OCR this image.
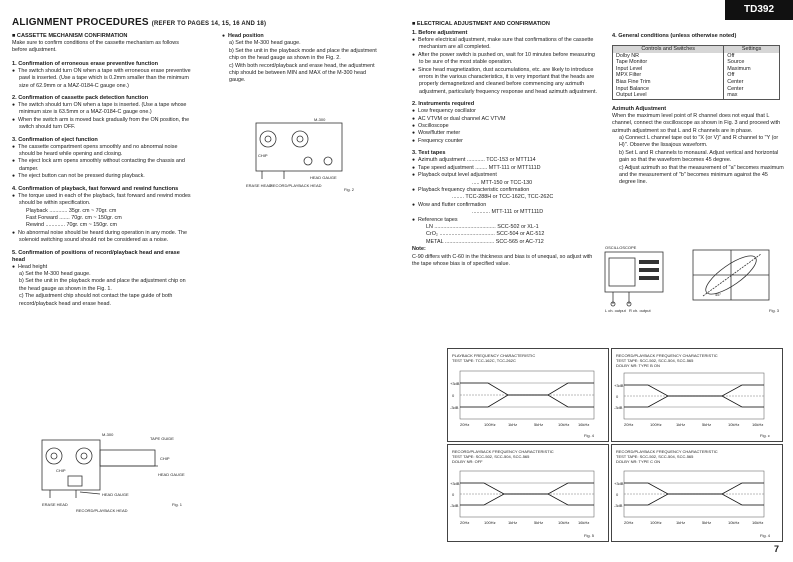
TD392
ALIGNMENT PROCEDURES (REFER TO PAGES 14, 15, 16 AND 18)
■ CASSETTE MECHANISM CONFIRMATION
Make sure to confirm conditions of the cassette mechanism as follows before adjustment.
1. Confirmation of erroneous erase preventive function
● The switch should turn ON when a tape with erroneous erase preventive pawl is inserted. (Use a tape which is 0.2mm smaller than the minimum size of 62.9mm or a MAZ-0184-C gauge one.)
2. Confirmation of cassette pack detection function
● The switch should turn ON when a tape is inserted. (Use a tape whose minimum size is 63.5mm or a MAZ-0184-C gauge one.)
● When the switch arm is moved back gradually from the ON position, the switch should turn OFF.
3. Confirmation of eject function
● The cassette compartment opens smoothly and no abnormal noise should be heard while opening and closing.
● The eject lock arm opens smoothly without contacting the chassis and damper.
● The eject button can not be pressed during playback.
4. Confirmation of playback, fast forward and rewind functions
● The torque used in each of the playback, fast forward and rewind modes should be within specification.
Playback ............ 35gr. cm ~ 70gr. cm
Fast Forward ....... 70gr. cm ~ 150gr. cm
Rewind ............. 70gr. cm ~ 150gr. cm
● No abnormal noise should be heard during operation in any mode. The solenoid switching sound should not be considered as a noise.
5. Confirmation of positions of record/playback head and erase head
● Head height
a) Set the M-300 head gauge.
b) Set the unit in the playback mode and place the adjustment chip on the head gauge as shown in the Fig. 1.
c) The adjustment chip should not contact the tape guide of both record/playback head and erase head.
M-300
TAPE GUIDE
CHIP
HEAD GAUGE
CHIP
HEAD GAUGE
ERASE HEAD
RECORD/PLAYBACK HEAD
Fig. 1
● Head position
a) Set the M-300 head gauge.
b) Set the unit in the playback mode and place the adjustment chip on the head gauge as shown in the Fig. 2.
c) With both record/playback and erase head, the adjustment chip should be between MIN and MAX of the M-300 head gauge.
M-300
CHIP
HEAD GAUGE
ERASE HEAD
RECORD/PLAYBACK HEAD
Fig. 2
■ ELECTRICAL ADJUSTMENT AND CONFIRMATION
1. Before adjustment
● Before electrical adjustment, make sure that confirmations of the cassette mechanism are all completed.
● After the power switch is pushed on, wait for 10 minutes before measuring to be sure of the most stable operation.
● Since head magnetization, dust accumulations, etc. are likely to introduce errors in the various characteristics, it is very important that the heads are properly demagnetized and cleaned before commencing any azimuth adjustment, particularly frequency response and head azimuth adjustment.
2. Instruments required
● Low frequency oscillator
● AC VTVM or dual channel AC VTVM
● Oscilloscope
● Wow/flutter meter
● Frequency counter
3. Test tapes
● Azimuth adjustment ............ TCC-153 or MTT114
● Tape speed adjustment ........ MTT-111 or MTT111D
● Playback output level adjustment
..... MTT-150 or TCC-130
● Playback frequency characteristic confirmation
........ TCC-288H or TCC-162C, TCC-262C
● Wow and flutter confirmation
............ MTT-111 or MTT111D
● Reference tapes
LN ......................................... SCC-502 or XL-1
CrO₂ ..................................... SCC-504 or AC-512
METAL ................................. SCC-565 or AC-712
Note:
C-90 differs with C-60 in the thickness and bias is of unequal, so adjust with the tape whose bias is of specified value.
4. General conditions (unless otherwise noted)
Controls and Switches	Settings
Dolby NR	Off
Tape Monitor	Source
Input Level	Maximum
MPX Filter	Off
Bias Fine Trim	Center
Input Balance	Center
Output Level	max
Azimuth Adjustment
When the maximum level point of R channel does not equal that L channel, connect the oscilloscope as shown in Fig. 3 and proceed with azimuth adjustment so that L and R channels are in phase.
a) Connect L channel tape out to "X (or V)" and R channel to "Y (or H)". Observe the lissajous waveform.
b) Set L and R channels to monaural. Adjust vertical and horizontal gain so that the waveform becomes 45 degree.
c) Adjust azimuth so that the measurement of "a" becomes maximum and the measurement of "b" becomes minimum against the 45 degree line.
OSCILLOSCOPE
L ch. output R ch. output
45°
Fig. 3
PLAYBACK FREQUENCY CHARACTERISTIC
TEST TAPE: TCC-162C, TCC-262C
+3dB
0
-3dB
20Hz	100Hz	1kHz	5kHz	10kHz 16kHz
Fig. 4
RECORD/PLAYBACK FREQUENCY CHARACTERISTIC
TEST TAPE: SCC-502, SCC-504, SCC-565
DOLBY NR: TYPE B ON
+3dB
0
-3dB
20Hz	100Hz	1kHz	5kHz	10kHz	16kHz
Fig. c
RECORD/PLAYBACK FREQUENCY CHARACTERISTIC
TEST TAPE: SCC-502, SCC-504, SCC-565
DOLBY NR: OFF
+3dB
0
-3dB
20Hz	100Hz	1kHz	5kHz	10kHz 16kHz
Fig. 5
RECORD/PLAYBACK FREQUENCY CHARACTERISTIC
TEST TAPE: SCC-502, SCC-504, SCC-565
DOLBY NR: TYPE C ON
+3dB
0
-3dB
20Hz	100Hz	1kHz	5kHz	10kHz	16kHz
Fig. 4
7
